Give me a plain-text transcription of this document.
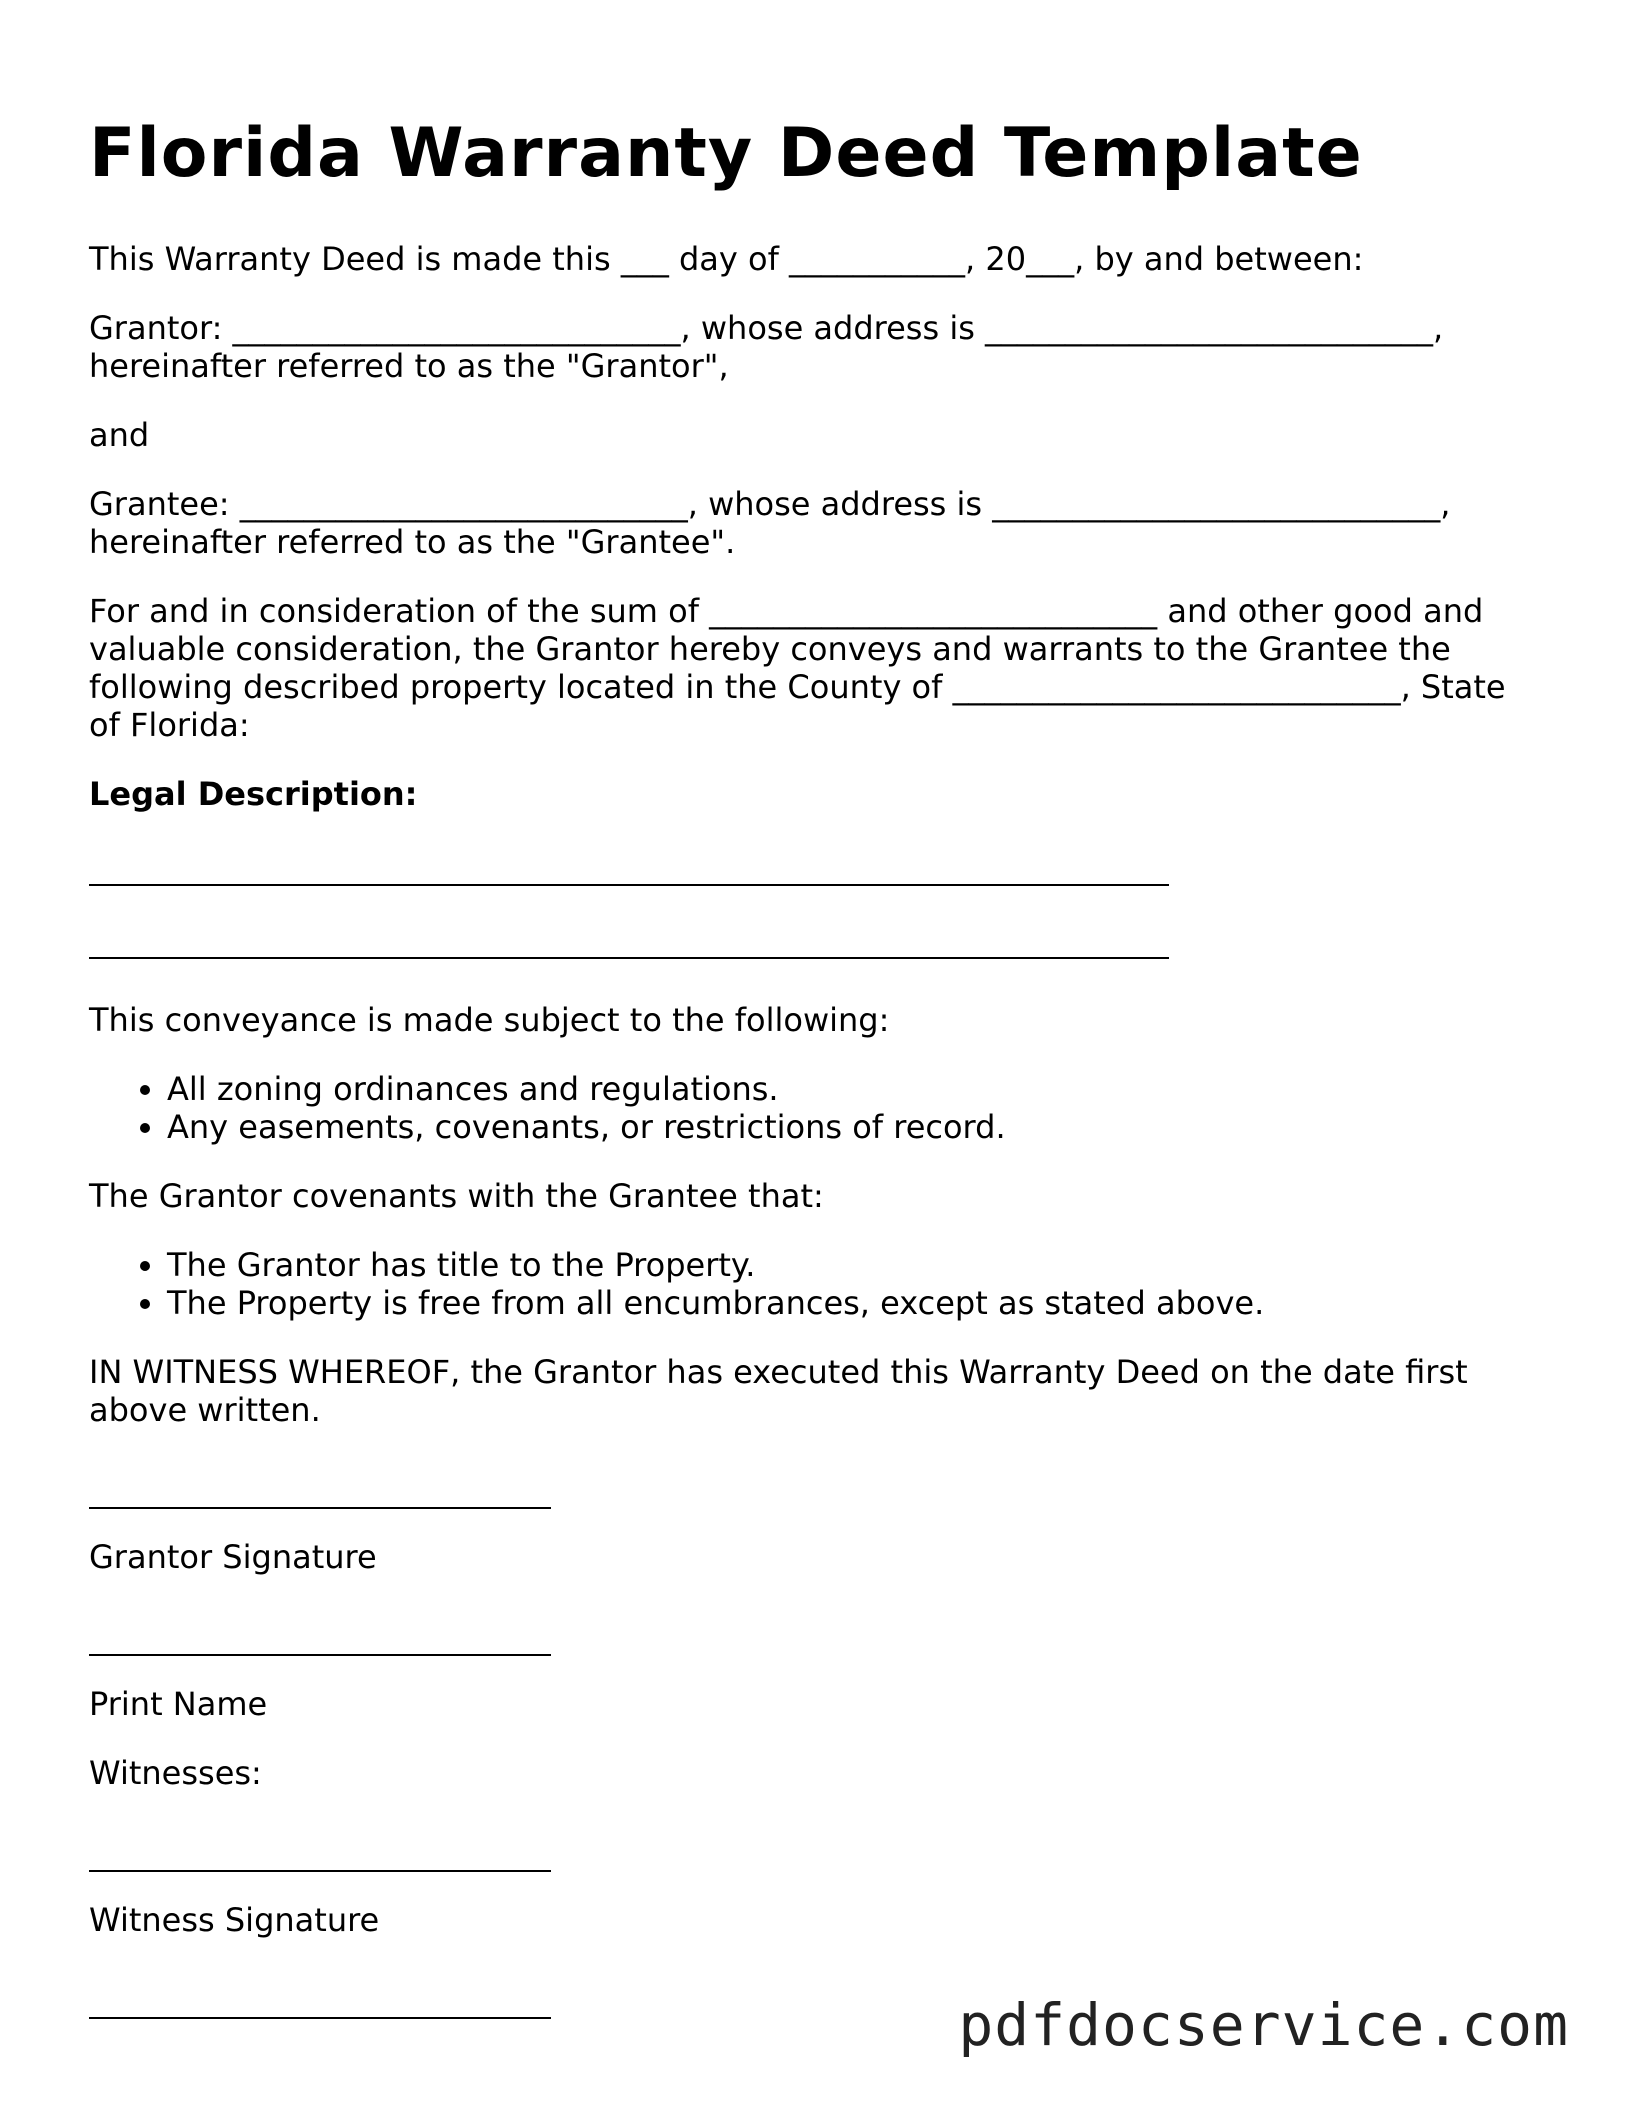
Florida Warranty Deed Template

This Warranty Deed is made this ___ day of ___________, 20___, by and between:

Grantor: ____________________________, whose address is ____________________________,

hereinafter referred to as the "Grantor",

and

Grantee: ____________________________, whose address is ____________________________,

hereinafter referred to as the "Grantee".

For and in consideration of the sum of ____________________________ and other good and

valuable consideration, the Grantor hereby conveys and warrants to the Grantee the

following described property located in the County of ____________________________, State

of Florida:

Legal Description:

This conveyance is made subject to the following:

• All zoning ordinances and regulations.
• Any easements, covenants, or restrictions of record.

The Grantor covenants with the Grantee that:

• The Grantor has title to the Property.
• The Property is free from all encumbrances, except as stated above.

IN WITNESS WHEREOF, the Grantor has executed this Warranty Deed on the date first

above written.

Grantor Signature

Print Name

Witnesses:

Witness Signature

pdfdocservice.com
